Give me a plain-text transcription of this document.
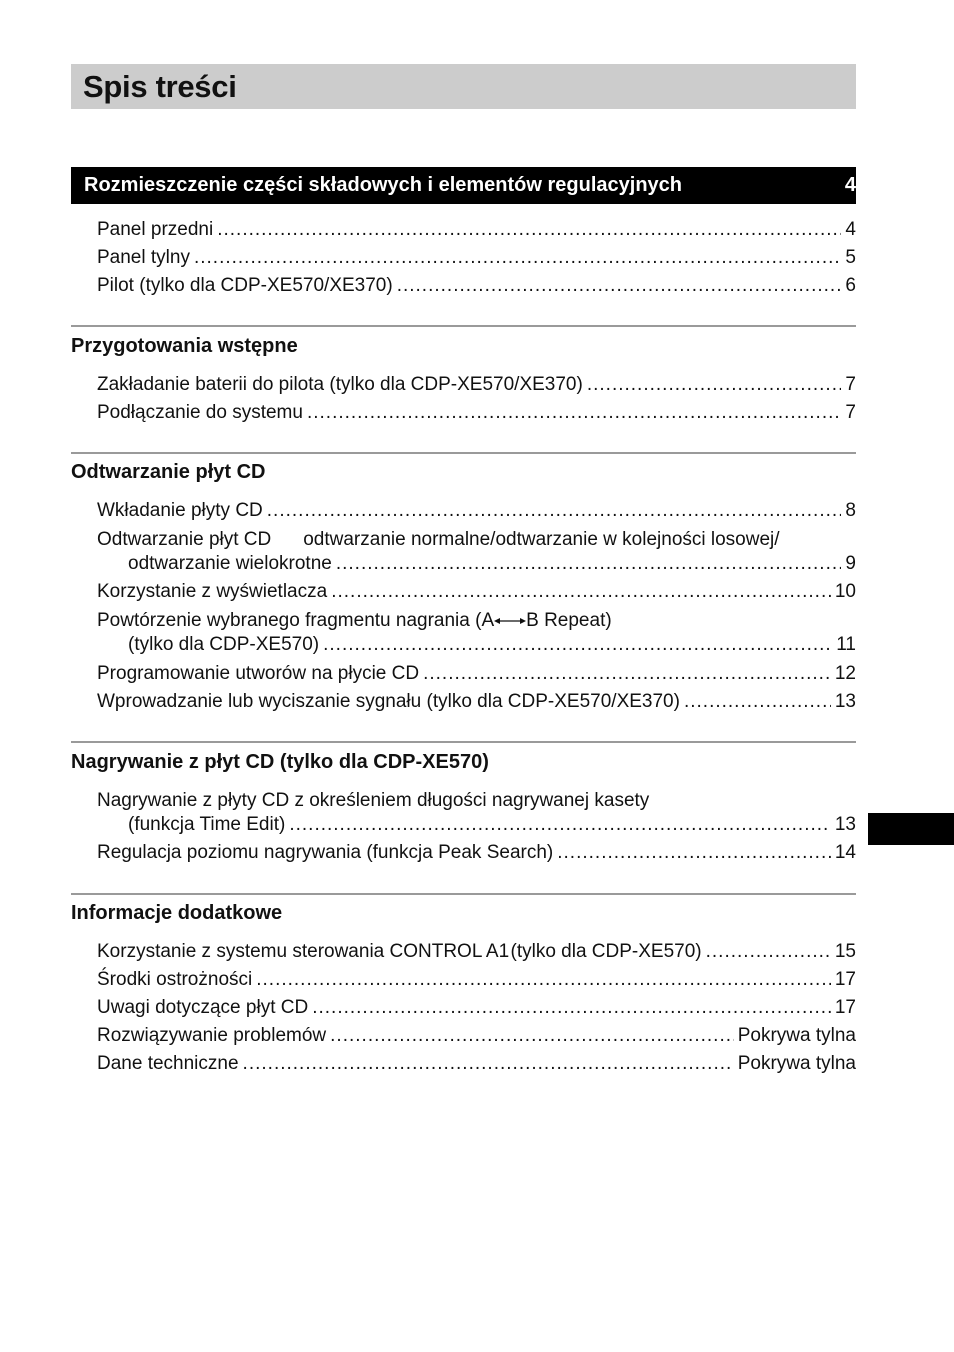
Spis treści
Rozmieszczenie części składowych i elementów regulacyjnych	4
Panel przedni .....	4
Panel tylny .....	5
Pilot (tylko dla CDP-XE570/XE370) .....	6
Przygotowania wstępne
Zakładanie baterii do pilota (tylko dla CDP-XE570/XE370) .....	7
Podłączanie do systemu .....	7
Odtwarzanie płyt CD
Wkładanie płyty CD .....	8
Odtwarzanie płyt CD odtwarzanie normalne/odtwarzanie w kolejności losowej/
odtwarzanie wielokrotne .....	9
Korzystanie z wyświetlacza .....	10
Powtórzenie wybranego fragmentu nagrania (A B Repeat)
(tylko dla CDP-XE570) .....	11
Programowanie utworów na płycie CD .....	12
Wprowadzanie lub wyciszanie sygnału (tylko dla CDP-XE570/XE370) .....	13
Nagrywanie z płyt CD (tylko dla CDP-XE570)
Nagrywanie z płyty CD z określeniem długości nagrywanej kasety
(funkcja Time Edit) .....	13
Regulacja poziomu nagrywania (funkcja Peak Search) .....	14
Informacje dodatkowe
Korzystanie z systemu sterowania CONTROL A1 (tylko dla CDP-XE570) .....	15
Środki ostrożności .....	17
Uwagi dotyczące płyt CD .....	17
Rozwiązywanie problemów .....	Pokrywa tylna
Dane techniczne .....	Pokrywa tylna
